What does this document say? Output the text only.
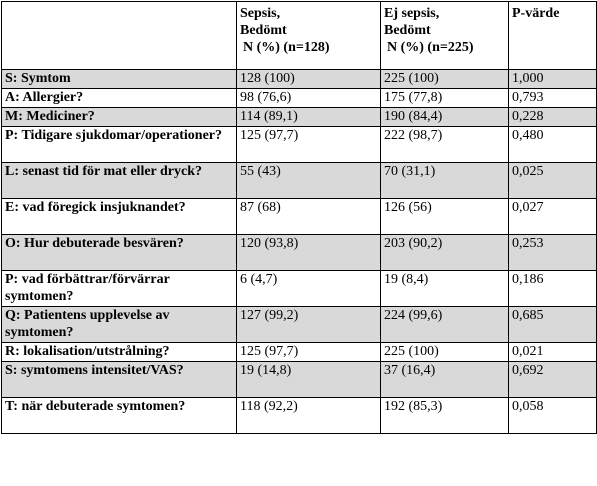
	Sepsis,
Bedömt
N (%) (n=128)	Ej sepsis,
Bedömt
N (%) (n=225)	P-värde
S: Symtom	128 (100)	225 (100)	1,000
A: Allergier?	98 (76,6)	175 (77,8)	0,793
M: Mediciner?	114 (89,1)	190 (84,4)	0,228
P: Tidigare sjukdomar/operationer?	125 (97,7)	222 (98,7)	0,480
L: senast tid för mat eller dryck?	55 (43)	70 (31,1)	0,025
E: vad föregick insjuknandet?	87 (68)	126 (56)	0,027
O: Hur debuterade besvären?	120 (93,8)	203 (90,2)	0,253
P: vad förbättrar/förvärrar symtomen?	6 (4,7)	19 (8,4)	0,186
Q: Patientens upplevelse av symtomen?	127 (99,2)	224 (99,6)	0,685
R: lokalisation/utstrålning?	125 (97,7)	225 (100)	0,021
S: symtomens intensitet/VAS?	19 (14,8)	37 (16,4)	0,692
T: när debuterade symtomen?	118 (92,2)	192 (85,3)	0,058
